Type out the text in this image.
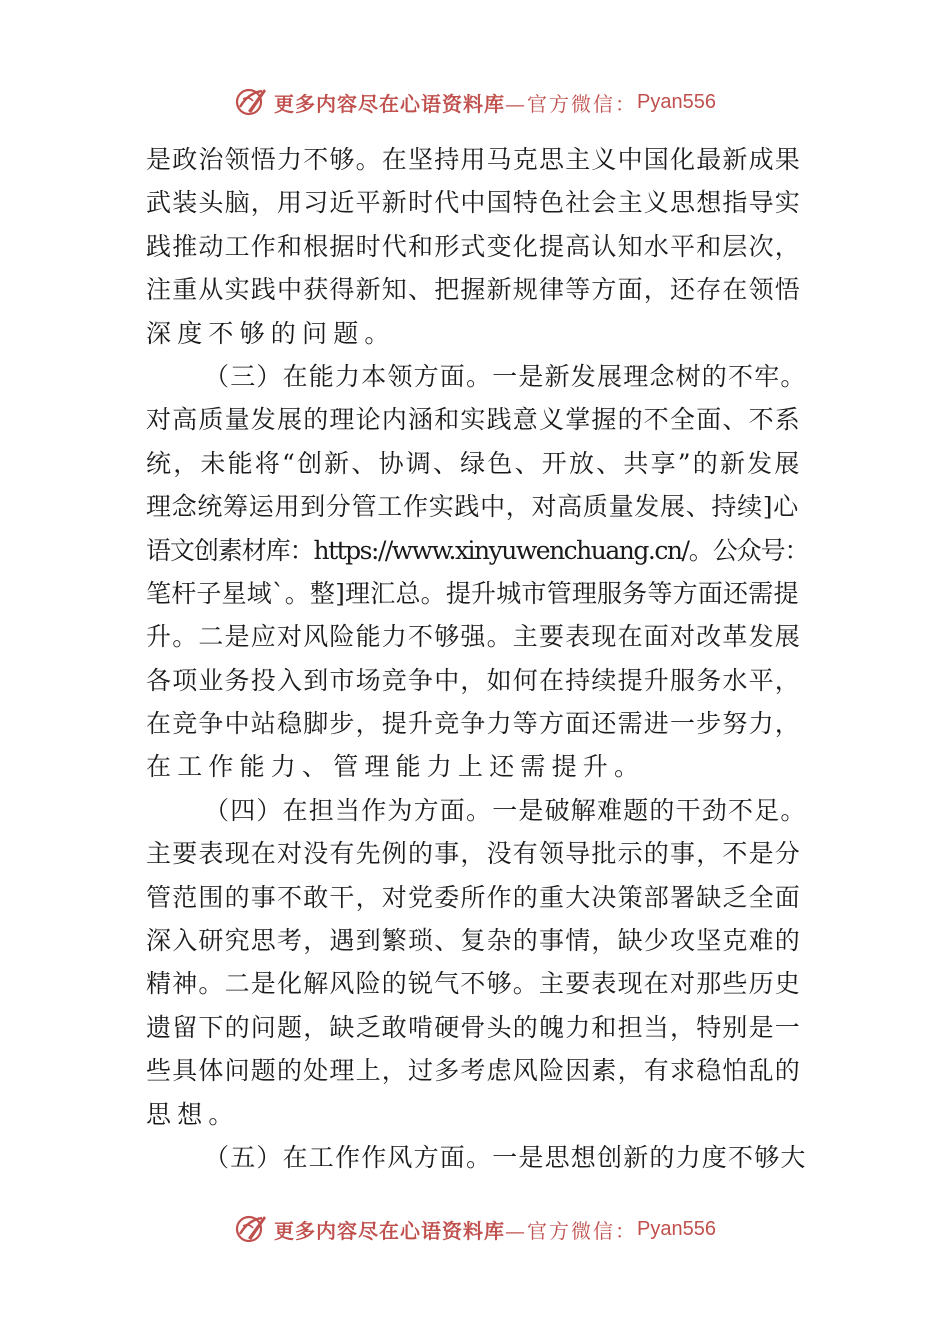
更多内容尽在心语资料库 —官方微信： Pyan556
是政治领悟力不够。在坚持用马克思主义中国化最新成果
武装头脑，用习近平新时代中国特色社会主义思想指导实
践推动工作和根据时代和形式变化提高认知水平和层次，
注重从实践中获得新知、把握新规律等方面，还存在领悟
深度不够的问题。
（三）在能力本领方面。一是新发展理念树的不牢。
对高质量发展的理论内涵和实践意义掌握的不全面、不系
统，未能将“创新、协调、绿色、开放、共享”的新发展
理念统筹运用到分管工作实践中，对高质量发展、持续]心
语文创素材库：https://www.xinyuwenchuang.cn/。公众号：
笔杆子星域`。整]理汇总。提升城市管理服务等方面还需提
升。二是应对风险能力不够强。主要表现在面对改革发展
各项业务投入到市场竞争中，如何在持续提升服务水平，
在竞争中站稳脚步，提升竞争力等方面还需进一步努力，
在工作能力、管理能力上还需提升。
（四）在担当作为方面。一是破解难题的干劲不足。
主要表现在对没有先例的事，没有领导批示的事，不是分
管范围的事不敢干，对党委所作的重大决策部署缺乏全面
深入研究思考，遇到繁琐、复杂的事情，缺少攻坚克难的
精神。二是化解风险的锐气不够。主要表现在对那些历史
遗留下的问题，缺乏敢啃硬骨头的魄力和担当，特别是一
些具体问题的处理上，过多考虑风险因素，有求稳怕乱的
思想。
（五）在工作作风方面。一是思想创新的力度不够大
更多内容尽在心语资料库 —官方微信： Pyan556
